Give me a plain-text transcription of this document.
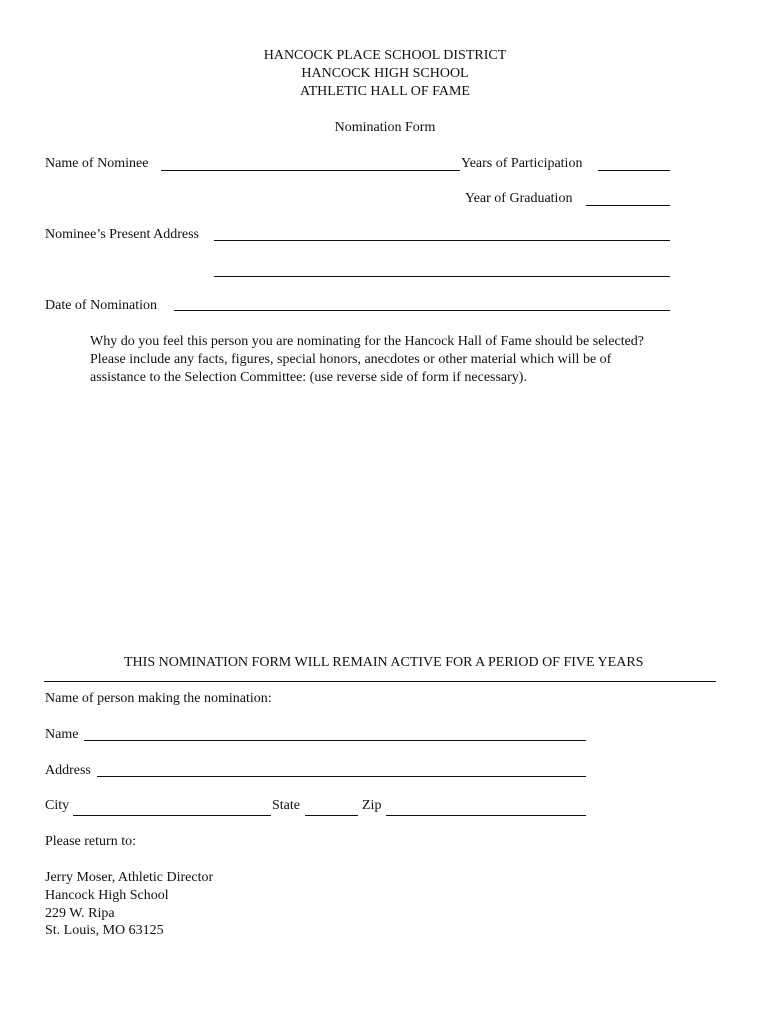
HANCOCK PLACE SCHOOL DISTRICT
HANCOCK HIGH SCHOOL
ATHLETIC HALL OF FAME
Nomination Form
Name of Nominee	Years of Participation
Year of Graduation
Nominee’s Present Address
Date of Nomination
Why do you feel this person you are nominating for the Hancock Hall of Fame should be selected? Please include any facts, figures, special honors, anecdotes or other material which will be of assistance to the Selection Committee: (use reverse side of form if necessary).
THIS NOMINATION FORM WILL REMAIN ACTIVE FOR A PERIOD OF FIVE YEARS
Name of person making the nomination:
Name
Address
City	State	Zip
Please return to:
Jerry Moser, Athletic Director
Hancock High School
229 W. Ripa
St. Louis, MO 63125
